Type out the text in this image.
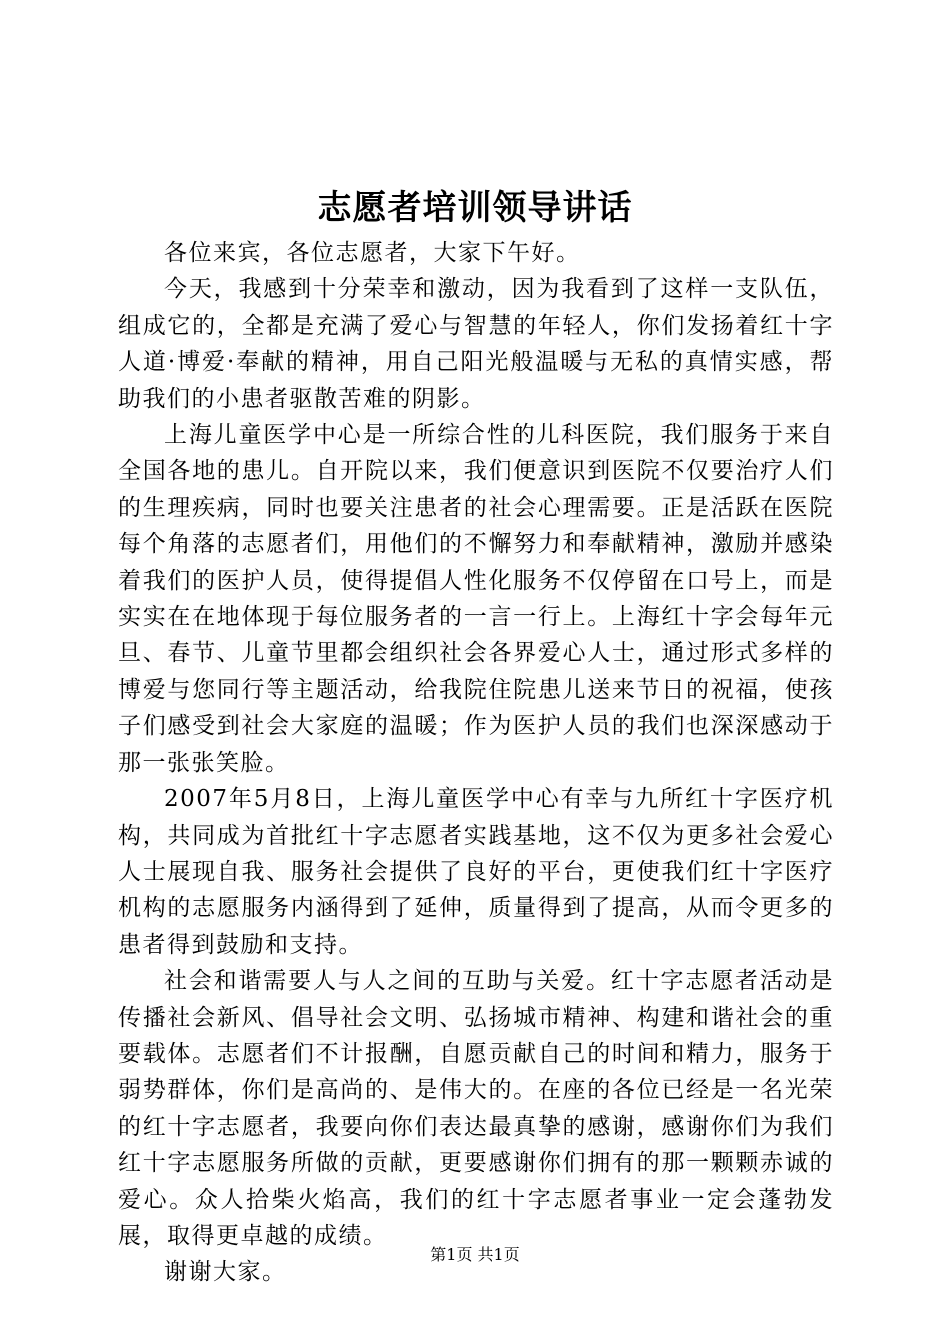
志愿者培训领导讲话

各位来宾，各位志愿者，大家下午好。

今天，我感到十分荣幸和激动，因为我看到了这样一支队伍，组成它的，全都是充满了爱心与智慧的年轻人，你们发扬着红十字人道·博爱·奉献的精神，用自己阳光般温暖与无私的真情实感，帮助我们的小患者驱散苦难的阴影。

上海儿童医学中心是一所综合性的儿科医院，我们服务于来自全国各地的患儿。自开院以来，我们便意识到医院不仅要治疗人们的生理疾病，同时也要关注患者的社会心理需要。正是活跃在医院每个角落的志愿者们，用他们的不懈努力和奉献精神，激励并感染着我们的医护人员，使得提倡人性化服务不仅停留在口号上，而是实实在在地体现于每位服务者的一言一行上。上海红十字会每年元旦、春节、儿童节里都会组织社会各界爱心人士，通过形式多样的博爱与您同行等主题活动，给我院住院患儿送来节日的祝福，使孩子们感受到社会大家庭的温暖；作为医护人员的我们也深深感动于那一张张笑脸。

2007年5月8日，上海儿童医学中心有幸与九所红十字医疗机构，共同成为首批红十字志愿者实践基地，这不仅为更多社会爱心人士展现自我、服务社会提供了良好的平台，更使我们红十字医疗机构的志愿服务内涵得到了延伸，质量得到了提高，从而令更多的患者得到鼓励和支持。

社会和谐需要人与人之间的互助与关爱。红十字志愿者活动是传播社会新风、倡导社会文明、弘扬城市精神、构建和谐社会的重要载体。志愿者们不计报酬，自愿贡献自己的时间和精力，服务于弱势群体，你们是高尚的、是伟大的。在座的各位已经是一名光荣的红十字志愿者，我要向你们表达最真挚的感谢，感谢你们为我们红十字志愿服务所做的贡献，更要感谢你们拥有的那一颗颗赤诚的爱心。众人拾柴火焰高，我们的红十字志愿者事业一定会蓬勃发展，取得更卓越的成绩。

谢谢大家。

第1页 共1页
